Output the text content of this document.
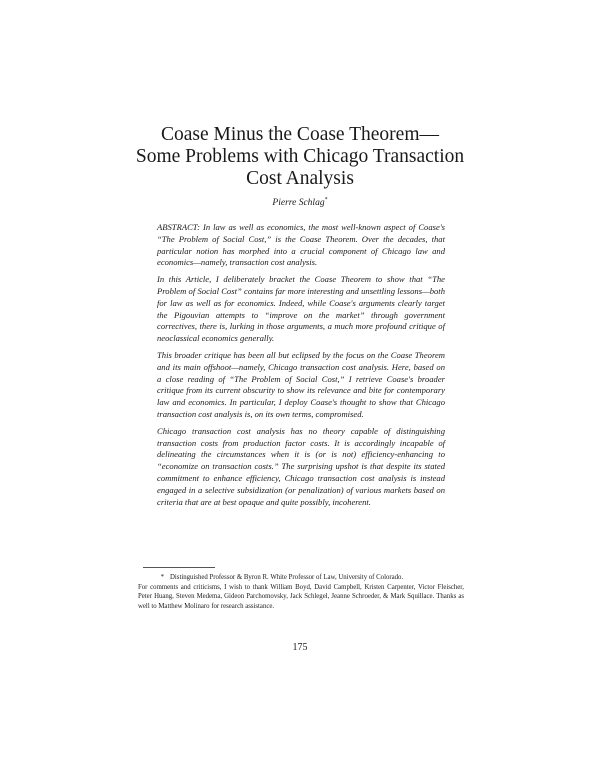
Coase Minus the Coase Theorem—
Some Problems with Chicago Transaction
Cost Analysis
Pierre Schlag*

ABSTRACT: In law as well as economics, the most well-known aspect of Coase's “The Problem of Social Cost,” is the Coase Theorem. Over the decades, that particular notion has morphed into a crucial component of Chicago law and economics—namely, transaction cost analysis.

In this Article, I deliberately bracket the Coase Theorem to show that “The Problem of Social Cost” contains far more interesting and unsettling lessons—both for law as well as for economics. Indeed, while Coase's arguments clearly target the Pigouvian attempts to “improve on the market” through government correctives, there is, lurking in those arguments, a much more profound critique of neoclassical economics generally.

This broader critique has been all but eclipsed by the focus on the Coase Theorem and its main offshoot—namely, Chicago transaction cost analysis. Here, based on a close reading of “The Problem of Social Cost,” I retrieve Coase's broader critique from its current obscurity to show its relevance and bite for contemporary law and economics. In particular, I deploy Coase's thought to show that Chicago transaction cost analysis is, on its own terms, compromised.

Chicago transaction cost analysis has no theory capable of distinguishing transaction costs from production factor costs. It is accordingly incapable of delineating the circumstances when it is (or is not) efficiency-enhancing to “economize on transaction costs.” The surprising upshot is that despite its stated commitment to enhance efficiency, Chicago transaction cost analysis is instead engaged in a selective subsidization (or penalization) of various markets based on criteria that are at best opaque and quite possibly, incoherent.

* Distinguished Professor & Byron R. White Professor of Law, University of Colorado.
For comments and criticisms, I wish to thank William Boyd, David Campbell, Kristen Carpenter, Victor Fleischer, Peter Huang, Steven Medema, Gideon Parchomovsky, Jack Schlegel, Jeanne Schroeder, & Mark Squillace. Thanks as well to Matthew Molinaro for research assistance.
175
